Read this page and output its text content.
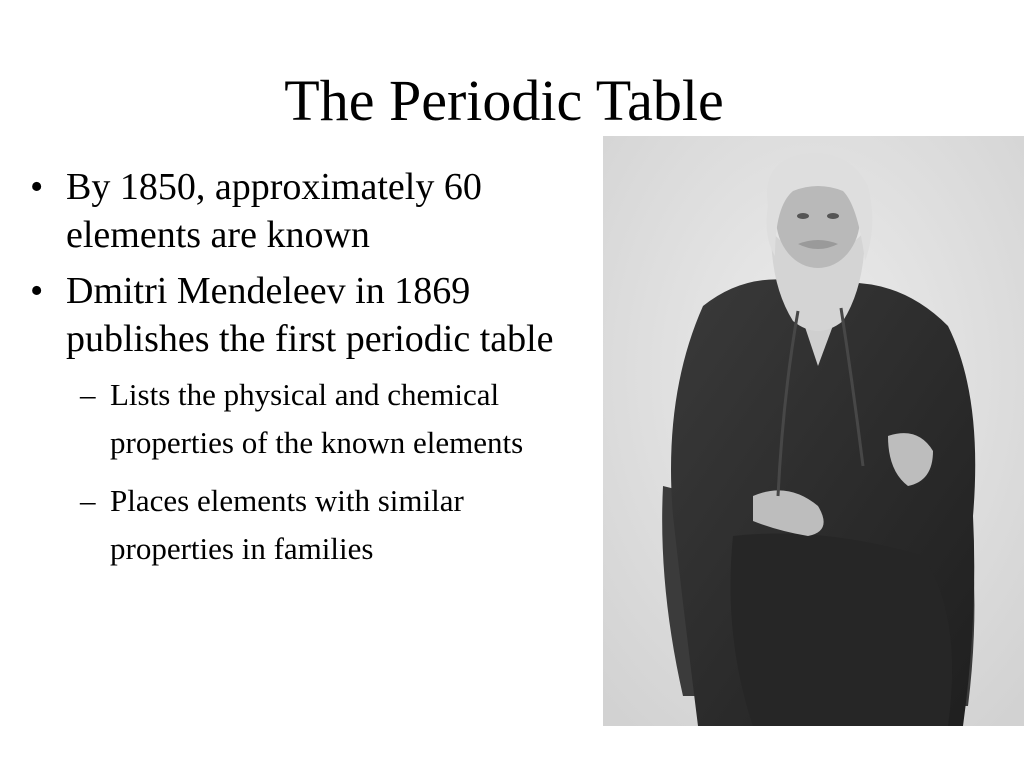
The Periodic Table
• By 1850, approximately 60 elements are known
• Dmitri Mendeleev in 1869 publishes the first periodic table
– Lists the physical and chemical properties of the known elements
– Places elements with similar properties in families
